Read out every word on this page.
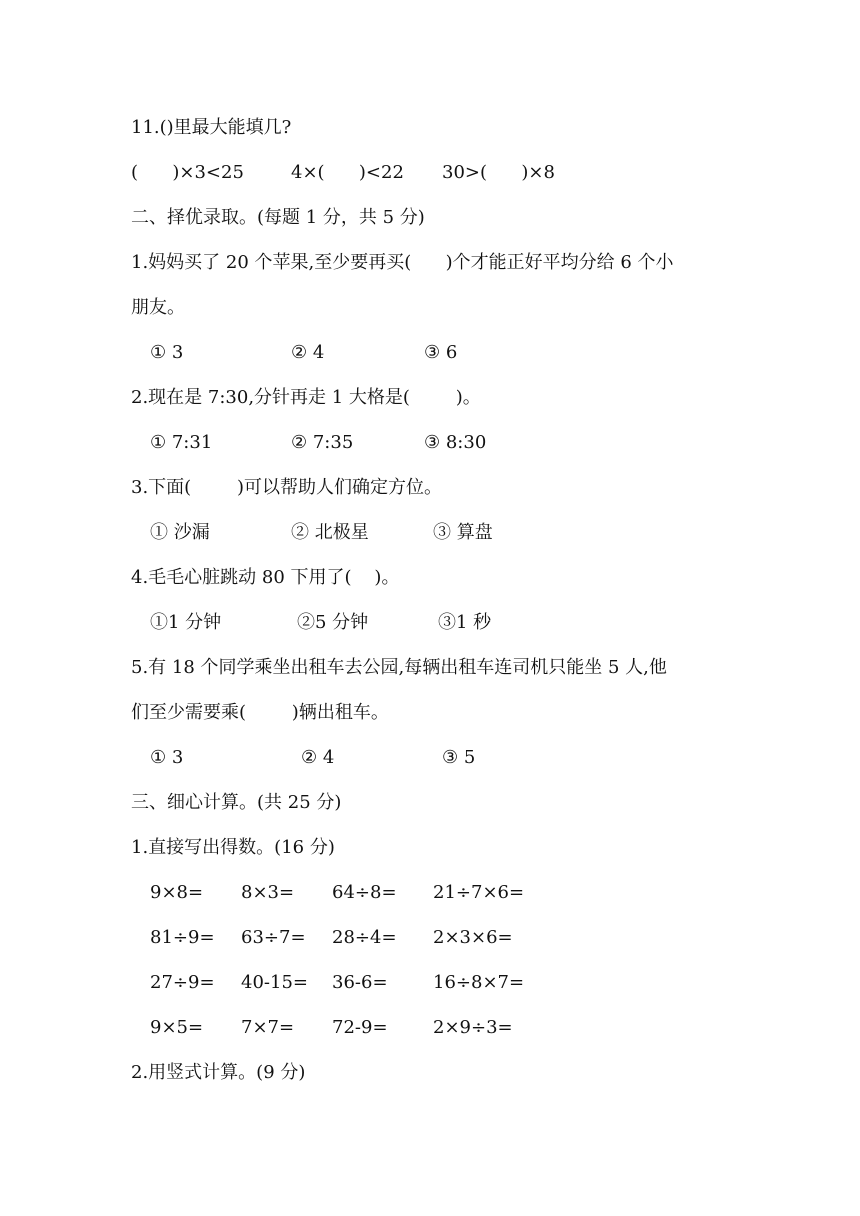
11.()里最大能填几?
(      )×3<25	4×(      )<22 30>(      )×8
二、择优录取。(每题 1 分，共 5 分)
1.妈妈买了 20 个苹果,至少要再买(      )个才能正好平均分给 6 个小
朋友。
① 3	② 4	③ 6
2.现在是 7:30,分针再走 1 大格是(        )。
① 7:31	② 7:35	③ 8:30
3.下面(        )可以帮助人们确定方位。
① 沙漏	② 北极星	③ 算盘
4.毛毛心脏跳动 80 下用了(    )。
①1 分钟	②5 分钟	③1 秒
5.有 18 个同学乘坐出租车去公园,每辆出租车连司机只能坐 5 人,他
们至少需要乘(        )辆出租车。
① 3	② 4	③ 5
三、细心计算。(共 25 分)
1.直接写出得数。(16 分)
9×8= 8×3= 64÷8= 21÷7×6=
81÷9= 63÷7= 28÷4= 2×3×6=
27÷9= 40-15= 36-6=	16÷8×7=
9×5= 7×7= 72-9=	2×9÷3=
2.用竖式计算。(9 分)
